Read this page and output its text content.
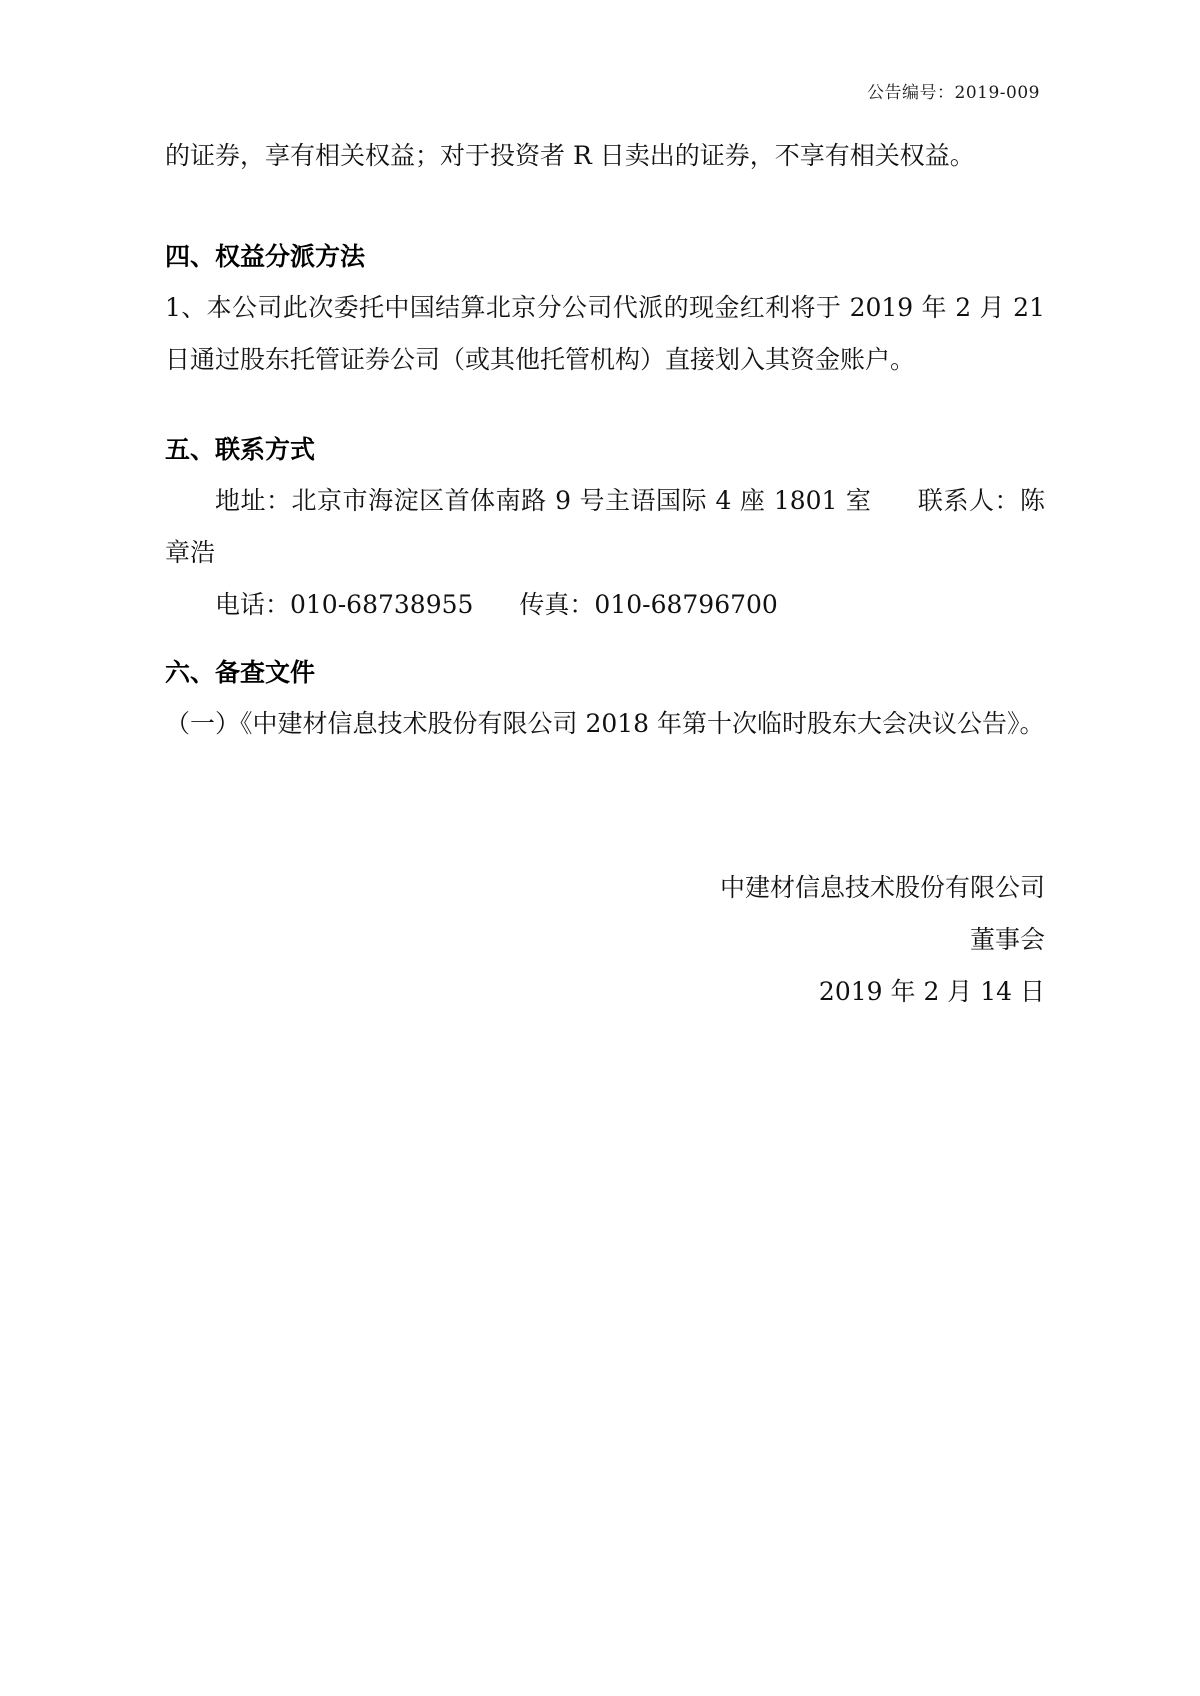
公告编号：2019-009
的证券，享有相关权益；对于投资者 R 日卖出的证券，不享有相关权益。
四、权益分派方法
1、本公司此次委托中国结算北京分公司代派的现金红利将于 2019 年 2 月 21 日通过股东托管证券公司（或其他托管机构）直接划入其资金账户。
五、联系方式
地址：北京市海淀区首体南路 9 号主语国际 4 座 1801 室 联系人：陈章浩
电话：010-68738955 传真：010-68796700
六、备查文件
（一）《中建材信息技术股份有限公司 2018 年第十次临时股东大会决议公告》。
中建材信息技术股份有限公司
董事会
2019 年 2 月 14 日
